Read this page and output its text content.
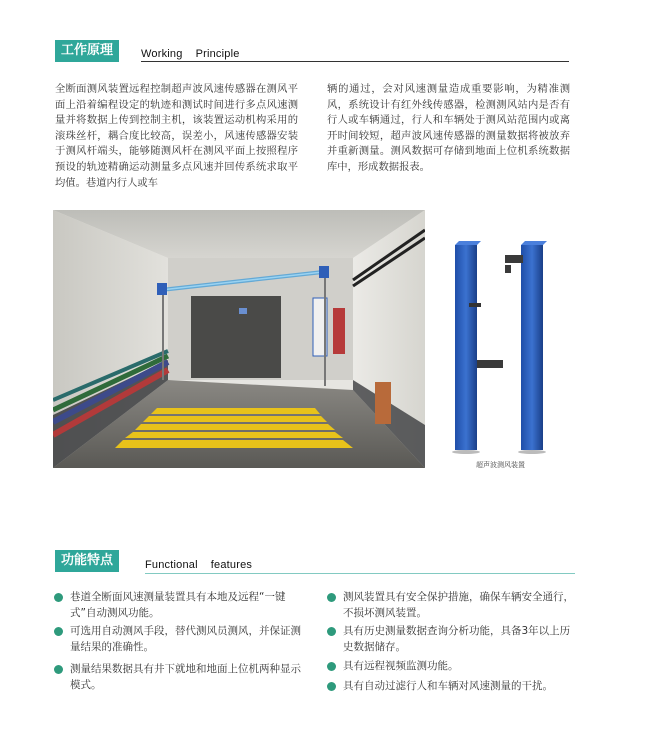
工作原理	Working    Principle
全断面测风装置远程控制超声波风速传感器在测风平面上沿着编程设定的轨迹和测试时间进行多点风速测量并将数据上传到控制主机，该装置运动机构采用的滚珠丝杆，耦合度比较高，误差小，风速传感器安装于测风杆端头，能够随测风杆在测风平面上按照程序预设的轨迹精确运动测量多点风速并回传系统求取平均值。巷道内行人或车
辆的通过，会对风速测量造成重要影响，为精准测风，系统设计有红外线传感器，检测测风站内是否有行人或车辆通过，行人和车辆处于测风站范围内或离开时间较短，超声波风速传感器的测量数据将被放弃并重新测量。测风数据可存储到地面上位机系统数据库中，形成数据报表。
超声波测风装置
功能特点	Functional    features
巷道全断面风速测量装置具有本地及远程“一键式”自动测风功能。
可选用自动测风手段，替代测风员测风，并保证测量结果的准确性。
测量结果数据具有井下就地和地面上位机两种显示模式。
测风装置具有安全保护措施，确保车辆安全通行，不损坏测风装置。
具有历史测量数据查询分析功能，具备3年以上历史数据储存。
具有远程视频监测功能。
具有自动过滤行人和车辆对风速测量的干扰。
